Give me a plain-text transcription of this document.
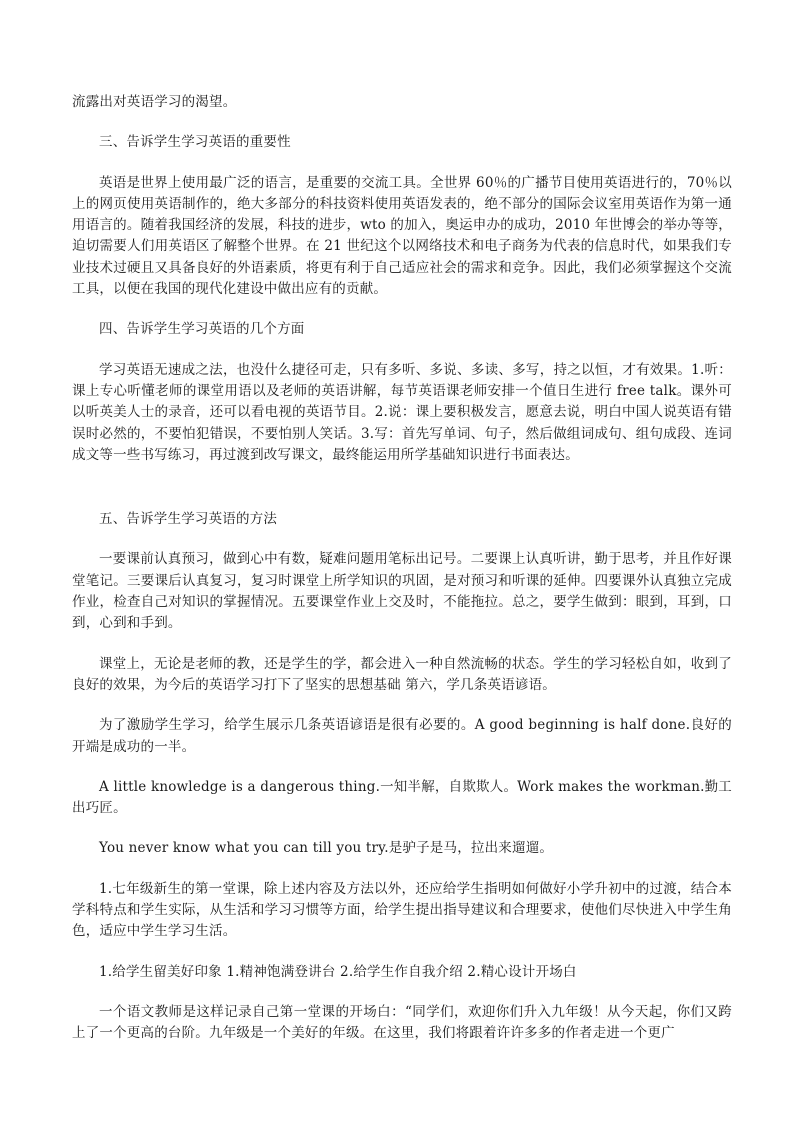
流露出对英语学习的渴望。

三、告诉学生学习英语的重要性

英语是世界上使用最广泛的语言，是重要的交流工具。全世界 60％的广播节目使用英语进行的，70％以上的网页使用英语制作的，绝大多部分的科技资料使用英语发表的，绝不部分的国际会议室用英语作为第一通用语言的。随着我国经济的发展，科技的进步，wto 的加入，奥运申办的成功，2010 年世博会的举办等等，迫切需要人们用英语区了解整个世界。在 21 世纪这个以网络技术和电子商务为代表的信息时代，如果我们专业技术过硬且又具备良好的外语素质，将更有利于自己适应社会的需求和竞争。因此，我们必须掌握这个交流工具，以便在我国的现代化建设中做出应有的贡献。

四、告诉学生学习英语的几个方面

学习英语无速成之法，也没什么捷径可走，只有多听、多说、多读、多写，持之以恒，才有效果。1.听：课上专心听懂老师的课堂用语以及老师的英语讲解，每节英语课老师安排一个值日生进行 free talk。课外可以听英美人士的录音，还可以看电视的英语节目。2.说：课上要积极发言，愿意去说，明白中国人说英语有错误时必然的，不要怕犯错误，不要怕别人笑话。3.写：首先写单词、句子，然后做组词成句、组句成段、连词成文等一些书写练习，再过渡到改写课文，最终能运用所学基础知识进行书面表达。

五、告诉学生学习英语的方法

一要课前认真预习，做到心中有数，疑难问题用笔标出记号。二要课上认真听讲，勤于思考，并且作好课堂笔记。三要课后认真复习，复习时课堂上所学知识的巩固，是对预习和听课的延伸。四要课外认真独立完成作业，检查自己对知识的掌握情况。五要课堂作业上交及时，不能拖拉。总之，要学生做到：眼到，耳到，口到，心到和手到。

课堂上，无论是老师的教，还是学生的学，都会进入一种自然流畅的状态。学生的学习轻松自如，收到了良好的效果，为今后的英语学习打下了坚实的思想基础 第六，学几条英语谚语。

为了激励学生学习，给学生展示几条英语谚语是很有必要的。A good beginning is half done.良好的开端是成功的一半。

A little knowledge is a dangerous thing.一知半解，自欺欺人。Work makes the workman.勤工出巧匠。

You never know what you can till you try.是驴子是马，拉出来遛遛。

1.七年级新生的第一堂课，除上述内容及方法以外，还应给学生指明如何做好小学升初中的过渡，结合本学科特点和学生实际，从生活和学习习惯等方面，给学生提出指导建议和合理要求，使他们尽快进入中学生角色，适应中学生学习生活。

1.给学生留美好印象 1.精神饱满登讲台 2.给学生作自我介绍 2.精心设计开场白

一个语文教师是这样记录自己第一堂课的开场白：“同学们，欢迎你们升入九年级！从今天起，你们又跨上了一个更高的台阶。九年级是一个美好的年级。在这里，我们将跟着许许多多的作者走进一个更广
